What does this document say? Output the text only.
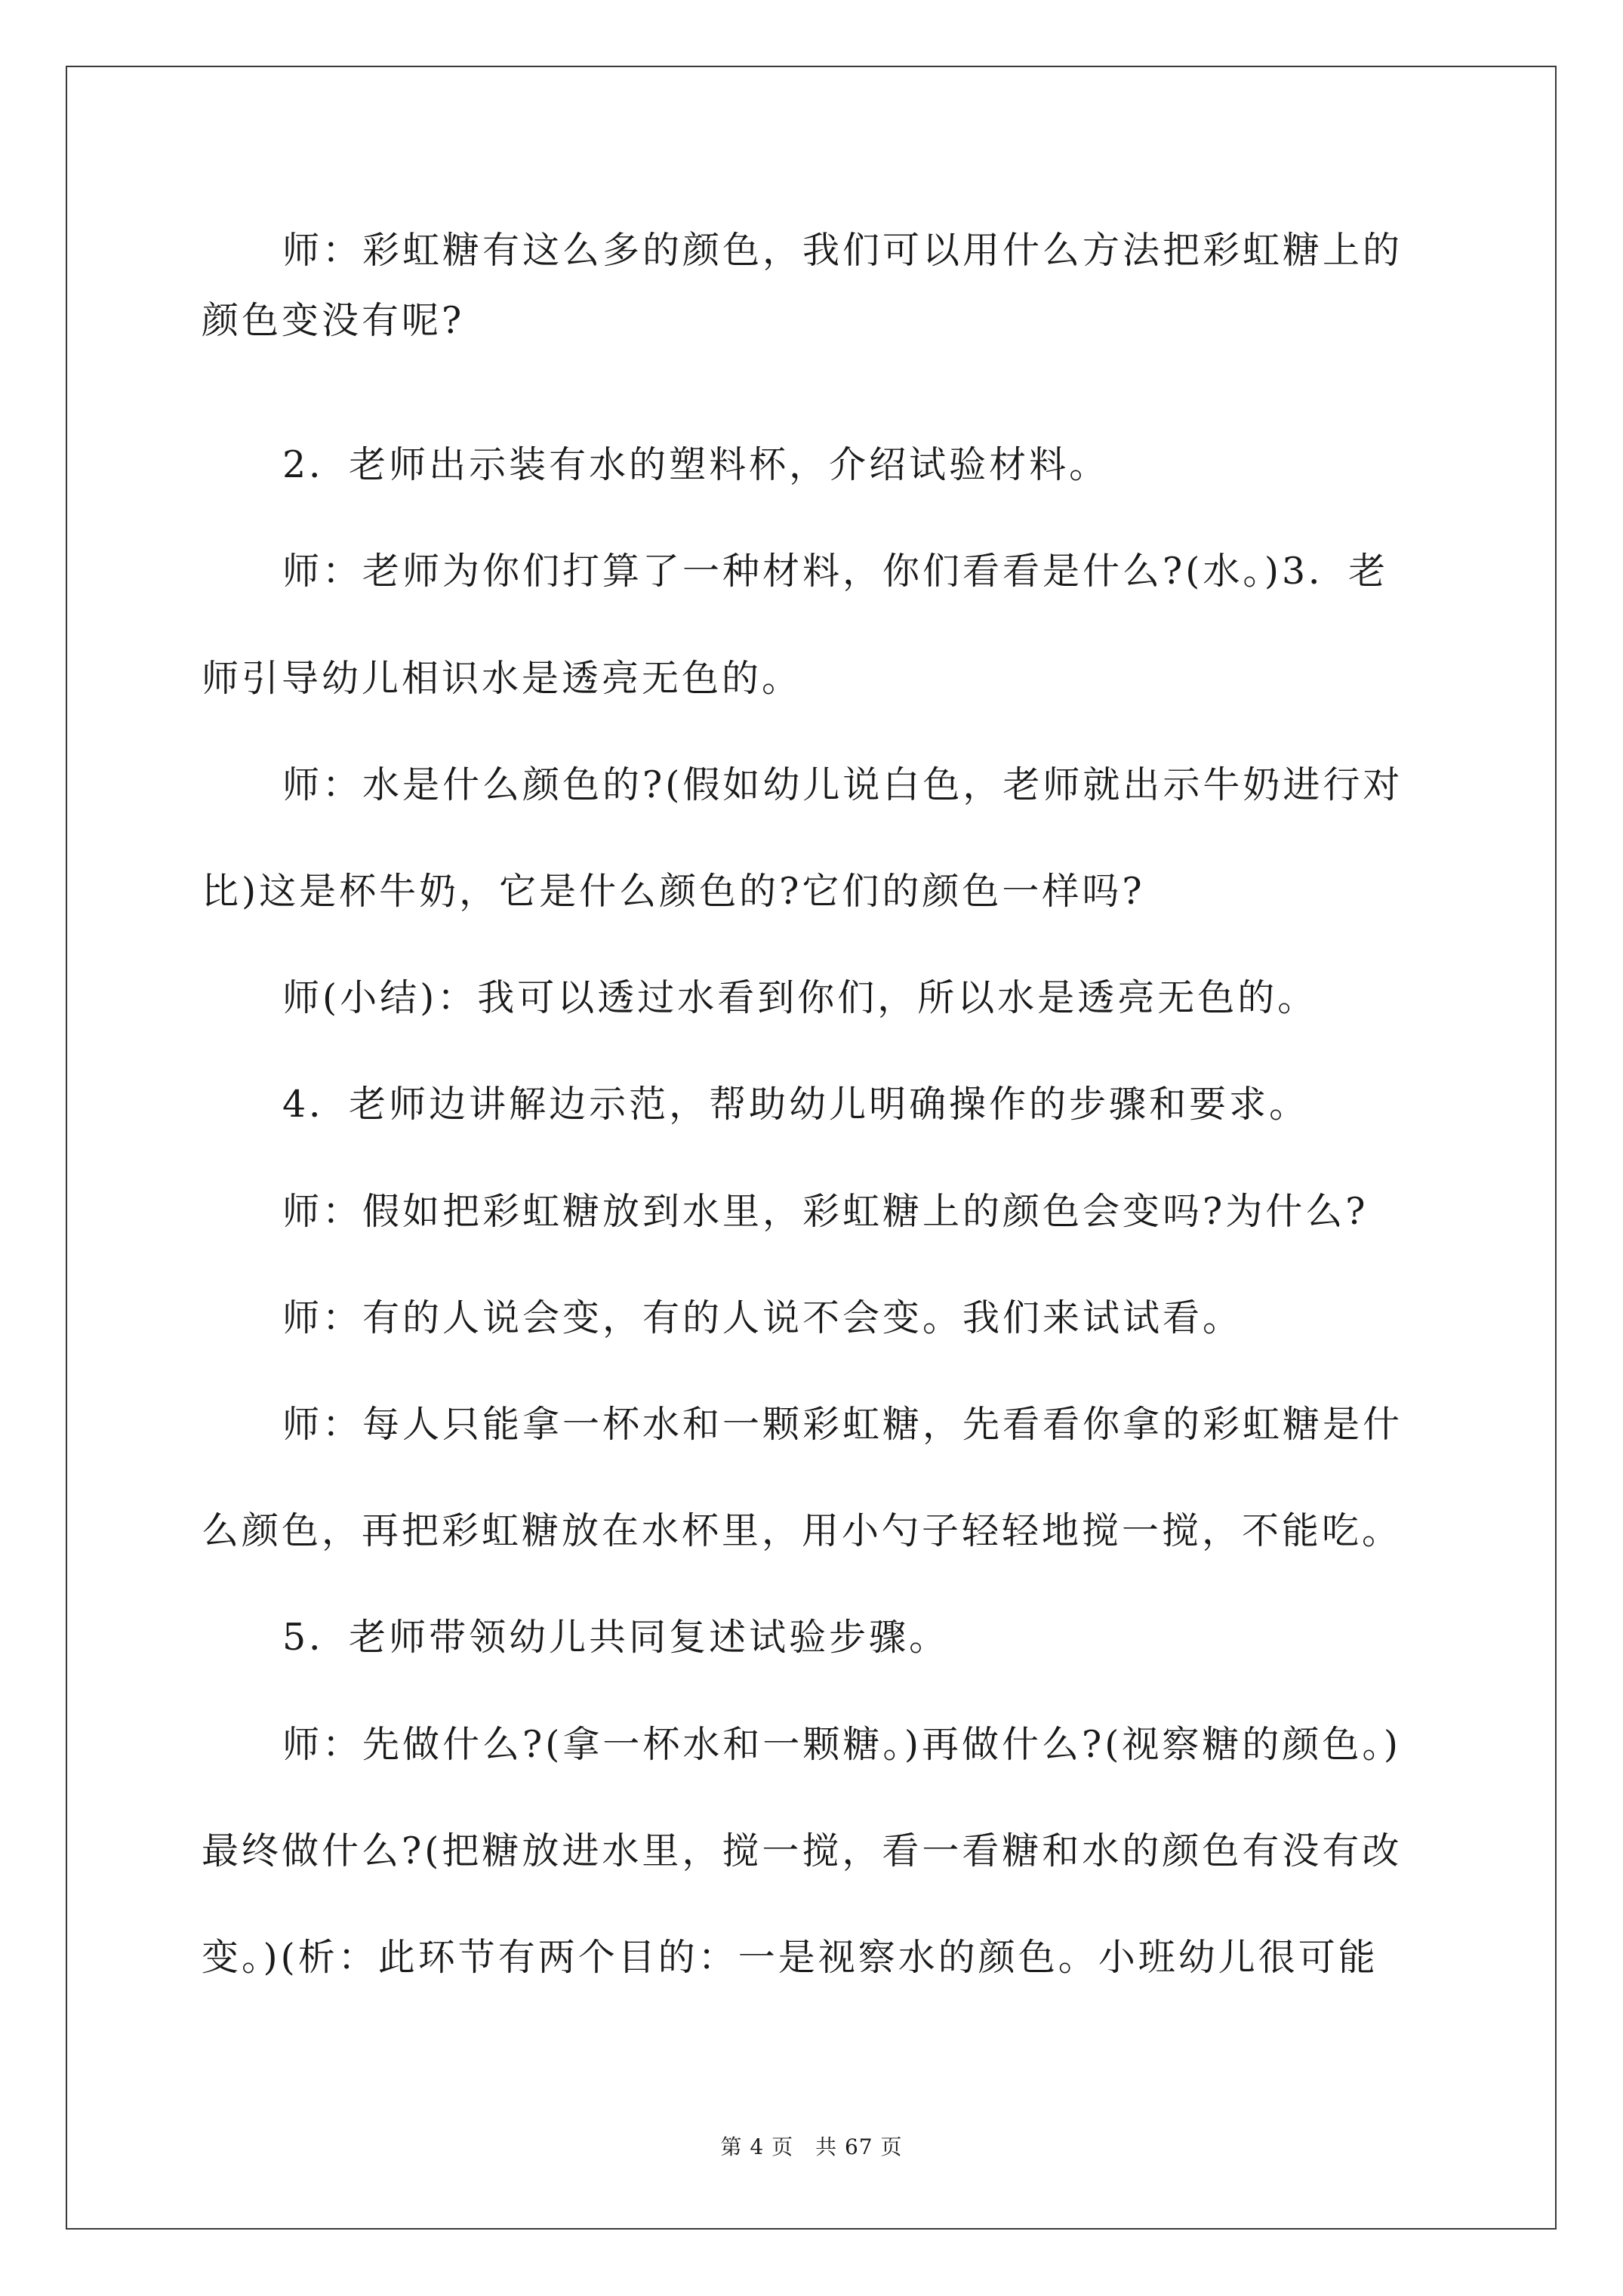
师：彩虹糖有这么多的颜色，我们可以用什么方法把彩虹糖上的
颜色变没有呢?
2．老师出示装有水的塑料杯，介绍试验材料。
师：老师为你们打算了一种材料，你们看看是什么?(水。)3．老
师引导幼儿相识水是透亮无色的。
师：水是什么颜色的?(假如幼儿说白色，老师就出示牛奶进行对
比)这是杯牛奶，它是什么颜色的?它们的颜色一样吗?
师(小结)：我可以透过水看到你们，所以水是透亮无色的。
4．老师边讲解边示范，帮助幼儿明确操作的步骤和要求。
师：假如把彩虹糖放到水里，彩虹糖上的颜色会变吗?为什么?
师：有的人说会变，有的人说不会变。我们来试试看。
师：每人只能拿一杯水和一颗彩虹糖，先看看你拿的彩虹糖是什
么颜色，再把彩虹糖放在水杯里，用小勺子轻轻地搅一搅，不能吃。
5．老师带领幼儿共同复述试验步骤。
师：先做什么?(拿一杯水和一颗糖。)再做什么?(视察糖的颜色。)
最终做什么?(把糖放进水里，搅一搅，看一看糖和水的颜色有没有改
变。)(析：此环节有两个目的：一是视察水的颜色。小班幼儿很可能
第 4 页　共 67 页
